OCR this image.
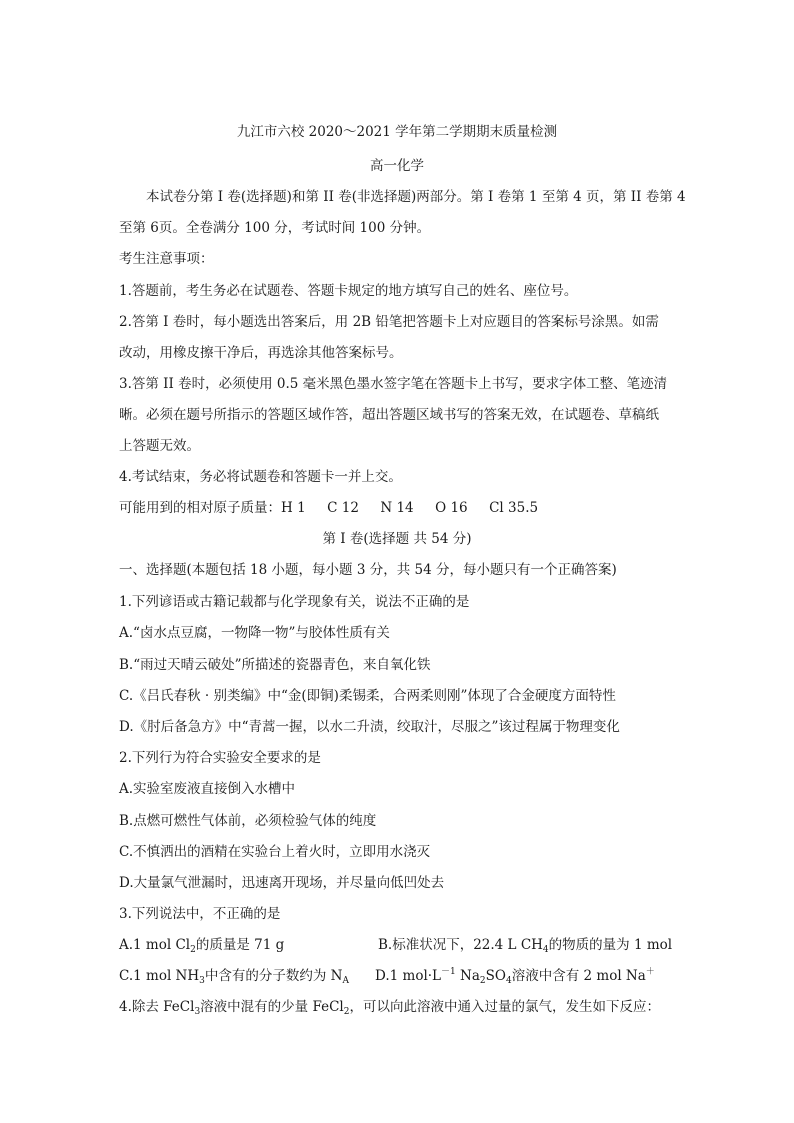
九江市六校 2020～2021 学年第二学期期末质量检测
高一化学
本试卷分第 I 卷(选择题)和第 II 卷(非选择题)两部分。第 I 卷第 1 至第 4 页，第 II 卷第 4
至第 6页。全卷满分 100 分，考试时间 100 分钟。
考生注意事项：
1.答题前，考生务必在试题卷、答题卡规定的地方填写自己的姓名、座位号。
2.答第 I 卷时，每小题选出答案后，用 2B 铅笔把答题卡上对应题目的答案标号涂黑。如需
改动，用橡皮擦干净后，再选涂其他答案标号。
3.答第 II 卷时，必须使用 0.5 毫米黑色墨水签字笔在答题卡上书写，要求字体工整、笔迹清
晰。必须在题号所指示的答题区域作答，超出答题区域书写的答案无效，在试题卷、草稿纸
上答题无效。
4.考试结束，务必将试题卷和答题卡一并上交。
可能用到的相对原子质量：H 1     C 12     N 14     O 16     Cl 35.5
第 I 卷(选择题 共 54 分)
一、选择题(本题包括 18 小题，每小题 3 分，共 54 分，每小题只有一个正确答案)
1.下列谚语或古籍记载都与化学现象有关，说法不正确的是
A.“卤水点豆腐，一物降一物”与胶体性质有关
B.“雨过天晴云破处”所描述的瓷器青色，来自氧化铁
C.《吕氏春秋 · 别类编》中“金(即铜)柔锡柔，合两柔则刚”体现了合金硬度方面特性
D.《肘后备急方》中“青蒿一握，以水二升渍，绞取汁，尽服之”该过程属于物理变化
2.下列行为符合实验安全要求的是
A.实验室废液直接倒入水槽中
B.点燃可燃性气体前，必须检验气体的纯度
C.不慎洒出的酒精在实验台上着火时，立即用水浇灭
D.大量氯气泄漏时，迅速离开现场，并尽量向低凹处去
3.下列说法中，不正确的是
A.1 mol $Cl_2$的质量是 71 g	B.标准状况下，22.4 L $CH_4$的物质的量为 1 mol
C.1 mol $NH_3$中含有的分子数约为 $N_A$ D.1 $mol\cdot L^{-1}$ $Na_2SO_4$溶液中含有 2 mol Na＋
4.除去 FeCl$_3$溶液中混有的少量 FeCl$_2$，可以向此溶液中通入过量的氯气，发生如下反应：
